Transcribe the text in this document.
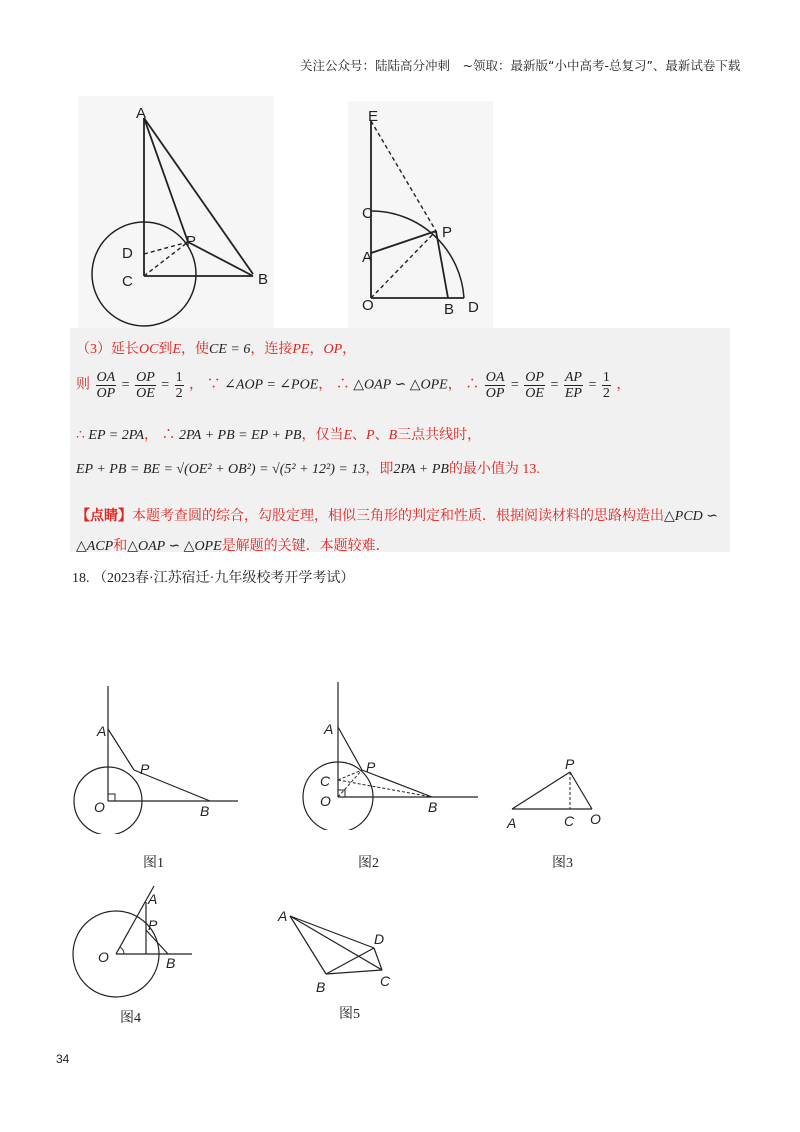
关注公众号：陆陆高分冲刺　~领取：最新版“小中高考-总复习”、最新试卷下载
A
D
P
C	B
E
C
A
P
O	B D
（3）延长OC到E，使CE = 6，连接PE，OP，
则 $\frac{OA}{OP} = \frac{OP}{OE} = \frac{1}{2}$ ， ∵ ∠AOP = ∠POE， ∴ △OAP ∽ △OPE， ∴ $\frac{OA}{OP} = \frac{OP}{OE} = \frac{AP}{EP} = \frac{1}{2}$ ，
∴ EP = 2PA， ∴ 2PA + PB = EP + PB，仅当E、P、B三点共线时，
EP + PB = BE = √(OE² + OB²) = √(5² + 12²) = 13，即2PA + PB的最小值为 13.
【点睛】本题考查圆的综合，勾股定理，相似三角形的判定和性质．根据阅读材料的思路构造出△PCD ∽
△ACP和△OAP ∽ △OPE是解题的关键．本题较难．
18. （2023春·江苏宿迁·九年级校考开学考试）
A
P
O	B
图1
A
P
C
O	B
图2
P
A	C O
图3
A
P
O	B
图4
A
D
B	C
图5
34
